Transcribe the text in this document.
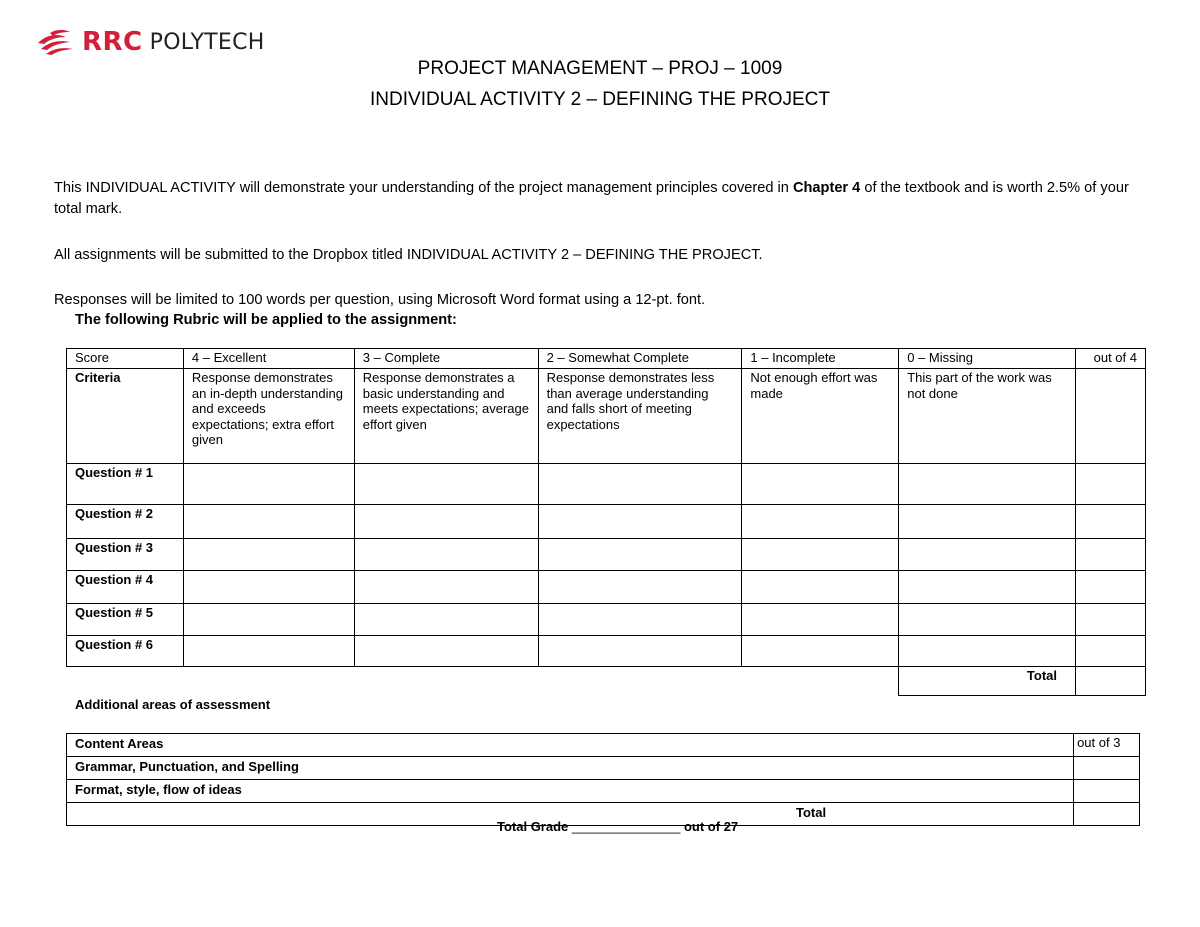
RRC POLYTECH
PROJECT MANAGEMENT – PROJ – 1009
INDIVIDUAL ACTIVITY 2 – DEFINING THE PROJECT
This INDIVIDUAL ACTIVITY will demonstrate your understanding of the project management principles covered in Chapter 4 of the textbook and is worth 2.5% of your total mark.
All assignments will be submitted to the Dropbox titled INDIVIDUAL ACTIVITY 2 – DEFINING THE PROJECT.
Responses will be limited to 100 words per question, using Microsoft Word format using a 12-pt. font.
The following Rubric will be applied to the assignment:
Score	4 – Excellent	3 – Complete	2 – Somewhat Complete	1 – Incomplete	0 – Missing	out of 4
Criteria	Response demonstrates an in-depth understanding and exceeds expectations; extra effort given	Response demonstrates a basic understanding and meets expectations; average effort given	Response demonstrates less than average understanding and falls short of meeting expectations	Not enough effort was made	This part of the work was not done	
Question # 1						
Question # 2						
Question # 3						
Question # 4						
Question # 5						
Question # 6						
					Total	
Additional areas of assessment
Content Areas	out of 3
Grammar, Punctuation, and Spelling	
Format, style, flow of ideas	
Total	
Total Grade _______________ out of 27
